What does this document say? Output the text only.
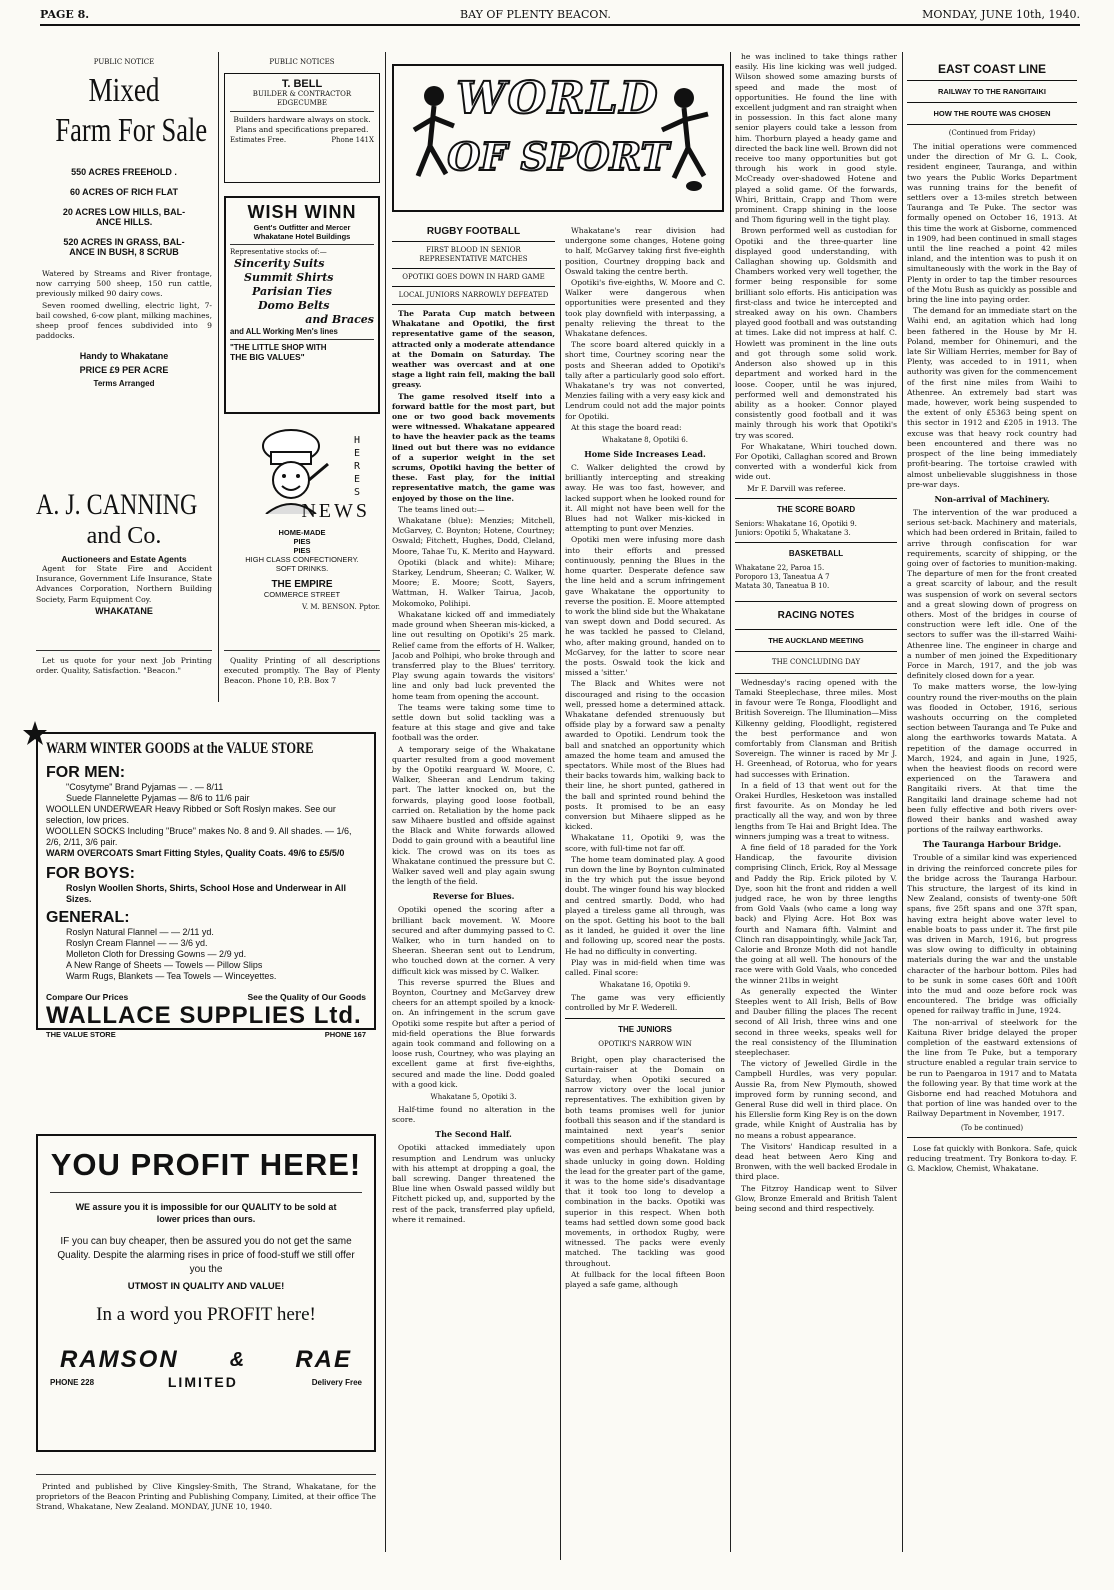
PAGE 8.	BAY OF PLENTY BEACON.	MONDAY, JUNE 10th, 1940.
PUBLIC NOTICE
Mixed
Farm For Sale
550 ACRES FREEHOLD .
60 ACRES OF RICH FLAT
20 ACRES LOW HILLS, BAL-
ANCE HILLS.
520 ACRES IN GRASS, BAL-
ANCE IN BUSH, 8 SCRUB

Watered by Streams and River frontage, now carrying 500 sheep, 150 run cattle, previously milked 90 dairy cows.

Seven roomed dwelling, electric light, 7-bail cowshed, 6-cow plant, milking machines, sheep proof fences subdivided into 9 paddocks.

Handy to Whakatane
PRICE £9 PER ACRE
Terms Arranged
A. J. CANNING
and Co.
Auctioneers and Estate Agents

Agent for State Fire and Accident Insurance, Government Life Insurance, State Advances Corporation, Northern Building Society, Farm Equipment Coy.

WHAKATANE

Let us quote for your next Job Printing order. Quality, Satisfaction. "Beacon."

PUBLIC NOTICES
T. BELL
BUILDER & CONTRACTOR
EDGECUMBE

Builders hardware always on stock. Plans and specifications prepared.

Estimates Free.	Phone 141X
WISH WINN
Gent's Outfitter and Mercer
Whakatane Hotel Buildings
Representative stocks of:—
Sincerity Suits
Summit Shirts
Parisian Ties
Domo Belts
and Braces
and ALL Working Men's lines
"THE LITTLE SHOP WITH
THE BIG VALUES"
HERES
NEWS
HOME-MADE
PIES
PIES
HIGH CLASS CONFECTIONERY.
SOFT DRINKS.
THE EMPIRE
COMMERCE STREET
V. M. BENSON. Pptor.

Quality Printing of all descriptions executed promptly. The Bay of Plenty Beacon. Phone 10, P.B. Box 7

WARM WINTER GOODS at the VALUE STORE
FOR MEN:
"Cosytyme" Brand Pyjamas — . — 8/11
Suede Flannelette Pyjamas — 8/6 to 11/6 pair
WOOLLEN UNDERWEAR Heavy Ribbed or Soft Roslyn makes. See our selection, low prices.
WOOLLEN SOCKS Including "Bruce" makes No. 8 and 9. All shades. — 1/6, 2/6, 2/11, 3/6 pair.
WARM OVERCOATS Smart Fitting Styles, Quality Coats. 49/6 to £5/5/0
FOR BOYS:
Roslyn Woollen Shorts, Shirts, School Hose and Underwear in All Sizes.
GENERAL:
Roslyn Natural Flannel — — 2/11 yd.
Roslyn Cream Flannel — — 3/6 yd.
Molleton Cloth for Dressing Gowns — 2/9 yd.
A New Range of Sheets — Towels — Pillow Slips
Warm Rugs, Blankets — Tea Towels — Winceyettes.
Compare Our Prices	See the Quality of Our Goods
WALLACE SUPPLIES Ltd.
THE VALUE STORE	PHONE 167
YOU PROFIT HERE!
WE assure you it is impossible for our QUALITY to be sold at lower prices than ours.
IF you can buy cheaper, then be assured you do not get the same Quality. Despite the alarming rises in price of food-stuff we still offer you the
UTMOST IN QUALITY AND VALUE!
In a word you PROFIT here!
RAMSON	& RAE
PHONE 228	LIMITED	Delivery Free

Printed and published by Clive Kingsley-Smith, The Strand, Whakatane, for the proprietors of the Beacon Printing and Publishing Company, Limited, at their office The Strand, Whakatane, New Zealand. MONDAY, JUNE 10, 1940.

WORLD
OF SPORT
RUGBY FOOTBALL
FIRST BLOOD IN SENIOR REPRESENTATIVE MATCHES
OPOTIKI GOES DOWN IN HARD GAME
LOCAL JUNIORS NARROWLY DEFEATED

The Parata Cup match between Whakatane and Opotiki, the first representative game of the season, attracted only a moderate attendance at the Domain on Saturday. The weather was overcast and at one stage a light rain fell, making the ball greasy.

The game resolved itself into a forward battle for the most part, but one or two good back movements were witnessed. Whakatane appeared to have the heavier pack as the teams lined out but there was no evidance of a superior weight in the set scrums, Opotiki having the better of these. Fast play, for the initial representative match, the game was enjoyed by those on the line.

The teams lined out:—

Whakatane (blue): Menzies; Mitchell, McGarvey, C. Boynton; Hotene, Courtney; Oswald; Fitchett, Hughes, Dodd, Cleland, Moore, Tahae Tu, K. Merito and Hayward.

Opotiki (black and white): Mihare; Starkey, Lendrum, Sheeran; C. Walker, W. Moore; E. Moore; Scott, Sayers, Wattman, H. Walker Tairua, Jacob, Mokomoko, Polihipi.

Whakatane kicked off and immediately made ground when Sheeran mis-kicked, a line out resulting on Opotiki's 25 mark. Relief came from the efforts of H. Walker, Jacob and Polhipi, who broke through and transferred play to the Blues' territory. Play swung again towards the visitors' line and only bad luck prevented the home team from opening the account.

The teams were taking some time to settle down but solid tackling was a feature at this stage and give and take football was the order.

A temporary seige of the Whakatane quarter resulted from a good movement by the Opotiki rearguard W. Moore, C. Walker, Sheeran and Lendrum taking part. The latter knocked on, but the forwards, playing good loose football, carried on. Retaliation by the home pack saw Mihaere bustled and offside against the Black and White forwards allowed Dodd to gain ground with a beautiful line kick. The crowd was on its toes as Whakatane continued the pressure but C. Walker saved well and play again swung the length of the field.

Reverse for Blues.

Opotiki opened the scoring after a brilliant back movement. W. Moore secured and after dummying passed to C. Walker, who in turn handed on to Sheeran. Sheeran sent out to Lendrum, who touched down at the corner. A very difficult kick was missed by C. Walker.

This reverse spurred the Blues and Boynton, Courtney and McGarvey drew cheers for an attempt spoiled by a knock-on. An infringement in the scrum gave Opotiki some respite but after a period of mid-field operations the Blue forwards again took command and following on a loose rush, Courtney, who was playing an excellent game at first five-eighths, secured and made the line. Dodd goaled with a good kick.

Whakatane 5, Opotiki 3.

Half-time found no alteration in the score.

The Second Half.

Opotiki attacked immediately upon resumption and Lendrum was unlucky with his attempt at dropping a goal, the ball screwing. Danger threatened the Blue line when Oswald passed wildly but Fitchett picked up, and, supported by the rest of the pack, transferred play upfield, where it remained.

Whakatane's rear division had undergone some changes, Hotene going to half, McGarvey taking first five-eighth position, Courtney dropping back and Oswald taking the centre berth.

Opotiki's five-eighths, W. Moore and C. Walker were dangerous when opportunities were presented and they took play downfield with interpassing, a penalty relieving the threat to the Whakatane defences.

The score board altered quickly in a short time, Courtney scoring near the posts and Sheeran added to Opotiki's tally after a particularly good solo effort. Whakatane's try was not converted, Menzies failing with a very easy kick and Lendrum could not add the major points for Opotiki.

At this stage the board read:

Whakatane 8, Opotiki 6.
Home Side Increases Lead.

C. Walker delighted the crowd by brilliantly intercepting and streaking away. He was too fast, however, and lacked support when he looked round for it. All might not have been well for the Blues had not Walker mis-kicked in attempting to punt over Menzies.

Opotiki men were infusing more dash into their efforts and pressed continuously, penning the Blues in the home quarter. Desperate defence saw the line held and a scrum infringement gave Whakatane the opportunity to reverse the position. E. Moore attempted to work the blind side but the Whakatane van swept down and Dodd secured. As he was tackled he passed to Cleland, who, after making ground, handed on to McGarvey, for the latter to score near the posts. Oswald took the kick and missed a 'sitter.'

The Black and Whites were not discouraged and rising to the occasion well, pressed home a determined attack. Whakatane defended strenuously but offside play by a forward saw a penalty awarded to Opotiki. Lendrum took the ball and snatched an opportunity which amazed the home team and amused the spectators. While most of the Blues had their backs towards him, walking back to their line, he short punted, gathered in the ball and sprinted round behind the posts. It promised to be an easy conversion but Mihaere slipped as he kicked.

Whakatane 11, Opotiki 9, was the score, with full-time not far off.

The home team dominated play. A good run down the line by Boynton culminated in the try which put the issue beyond doubt. The winger found his way blocked and centred smartly. Dodd, who had played a tireless game all through, was on the spot. Getting his boot to the ball as it landed, he guided it over the line and following up, scored near the posts. He had no difficulty in converting.

Play was in mid-field when time was called. Final score:

Whakatane 16, Opotiki 9.

The game was very efficiently controlled by Mr F. Wederell.

THE JUNIORS
OPOTIKI'S NARROW WIN

Bright, open play characterised the curtain-raiser at the Domain on Saturday, when Opotiki secured a narrow victory over the local junior representatives. The exhibition given by both teams promises well for junior football this season and if the standard is maintained next year's senior competitions should benefit. The play was even and perhaps Whakatane was a shade unlucky in going down. Holding the lead for the greater part of the game, it was to the home side's disadvantage that it took too long to develop a combination in the backs. Opotiki was superior in this respect. When both teams had settled down some good back movements, in orthodox Rugby, were witnessed. The packs were evenly matched. The tackling was good throughout.

At fullback for the local fifteen Boon played a safe game, although

he was inclined to take things rather easily. His line kicking was well judged. Wilson showed some amazing bursts of speed and made the most of opportunities. He found the line with excellent judgment and ran straight when in possession. In this fact alone many senior players could take a lesson from him. Thorburn played a heady game and directed the back line well. Brown did not receive too many opportunities but got through his work in good style. McCready over-shadowed Hotene and played a solid game. Of the forwards, Whiri, Brittain, Crapp and Thom were prominent. Crapp shining in the loose and Thom figuring well in the tight play.

Brown performed well as custodian for Opotiki and the three-quarter line displayed good understanding, with Callaghan showing up. Goldsmith and Chambers worked very well together, the former being responsible for some brilliant solo efforts. His anticipation was first-class and twice he intercepted and streaked away on his own. Chambers played good football and was outstanding at times. Lake did not impress at half. C. Howlett was prominent in the line outs and got through some solid work. Anderson also showed up in this department and worked hard in the loose. Cooper, until he was injured, performed well and demonstrated his ability as a hooker. Connor played consistently good football and it was mainly through his work that Opotiki's try was scored.

For Whakatane, Whiri touched down. For Opotiki, Callaghan scored and Brown converted with a wonderful kick from wide out.

Mr F. Darvill was referee.

THE SCORE BOARD
Seniors: Whakatane 16, Opotiki 9.
Juniors: Opotiki 5, Whakatane 3.
BASKETBALL
Whakatane 22, Paroa 15.
Poroporo 13, Taneatua A 7
Matata 30, Taneatua B 10.
RACING NOTES
THE AUCKLAND MEETING
THE CONCLUDING DAY

Wednesday's racing opened with the Tamaki Steeplechase, three miles. Most in favour were Te Ronga, Floodlight and British Sovereign. The Illumination—Miss Kilkenny gelding, Floodlight, registered the best performance and won comfortably from Clansman and British Sovereign. The winner is raced by Mr J. H. Greenhead, of Rotorua, who for years had successes with Erination.

In a field of 13 that went out for the Orakei Hurdles, Hesketoon was installed first favourite. As on Monday he led practically all the way, and won by three lengths from Te Hai and Bright Idea. The winners jumping was a treat to witness.

A fine field of 18 paraded for the York Handicap, the favourite division comprising Clinch, Erick, Roy al Message and Paddy the Rip. Erick piloted by V. Dye, soon hit the front and ridden a well judged race, he won by three lengths from Gold Vaals (who came a long way back) and Flying Acre. Hot Box was fourth and Namara fifth. Valmint and Clinch ran disappointingly, while Jack Tar, Calorie and Bronze Moth did not handle the going at all well. The honours of the race were with Gold Vaals, who conceded the winner 21lbs in weight

As generally expected the Winter Steeples went to All Irish, Bells of Bow and Dauber filling the places The recent second of All Irish, three wins and one second in three weeks, speaks well for the real consistency of the Illumination steeplechaser.

The victory of Jewelled Girdle in the Campbell Hurdles, was very popular. Aussie Ra, from New Plymouth, showed improved form by running second, and General Ruse did well in third place. On his Ellerslie form King Rey is on the down grade, while Knight of Australia has by no means a robust appearance.

The Visitors' Handicap resulted in a dead heat between Aero King and Bronwen, with the well backed Erodale in third place.

The Fitzroy Handicap went to Silver Glow, Bronze Emerald and British Talent being second and third respectively.

EAST COAST LINE
RAILWAY TO THE RANGITAIKI
HOW THE ROUTE WAS CHOSEN
(Continued from Friday)

The initial operations were commenced under the direction of Mr G. L. Cook, resident engineer, Tauranga, and within two years the Public Works Department was running trains for the benefit of settlers over a 13-miles stretch between Tauranga and Te Puke. The sector was formally opened on October 16, 1913. At this time the work at Gisborne, commenced in 1909, had been continued in small stages until the line reached a point 42 miles inland, and the intention was to push it on simultaneously with the work in the Bay of Plenty in order to tap the timber resources of the Motu Bush as quickly as possible and bring the line into paying order.

The demand for an immediate start on the Waihi end, an agitation which had long been fathered in the House by Mr H. Poland, member for Ohinemuri, and the late Sir William Herries, member for Bay of Plenty, was acceded to in 1911, when authority was given for the commencement of the first nine miles from Waihi to Athenree. An extremely bad start was made, however, work being suspended to the extent of only £5363 being spent on this sector in 1912 and £205 in 1913. The excuse was that heavy rock country had been encountered and there was no prospect of the line being immediately profit-bearing. The tortoise crawled with almost unbelievable sluggishness in those pre-war days.

Non-arrival of Machinery.

The intervention of the war produced a serious set-back. Machinery and materials, which had been ordered in Britain, failed to arrive through confiscation for war requirements, scarcity of shipping, or the going over of factories to munition-making. The departure of men for the front created a great scarcity of labour, and the result was suspension of work on several sectors and a great slowing down of progress on others. Most of the bridges in course of construction were left idle. One of the sectors to suffer was the ill-starred Waihi-Athenree line. The engineer in charge and a number of men joined the Expeditionary Force in March, 1917, and the job was definitely closed down for a year.

To make matters worse, the low-lying country round the river-mouths on the plain was flooded in October, 1916, serious washouts occurring on the completed section between Tauranga and Te Puke and along the earthworks towards Matata. A repetition of the damage occurred in March, 1924, and again in June, 1925, when the heaviest floods on record were experienced on the Tarawera and Rangitaiki rivers. At that time the Rangitaiki land drainage scheme had not been fully effective and both rivers over-flowed their banks and washed away portions of the railway earthworks.

The Tauranga Harbour Bridge.

Trouble of a similar kind was experienced in driving the reinforced concrete piles for the bridge across the Tauranga Harbour. This structure, the largest of its kind in New Zealand, consists of twenty-one 50ft spans, five 25ft spans and one 37ft span, having extra height above water level to enable boats to pass under it. The first pile was driven in March, 1916, but progress was slow owing to difficulty in obtaining materials during the war and the unstable character of the harbour bottom. Piles had to be sunk in some cases 60ft and 100ft into the mud and ooze before rock was encountered. The bridge was officially opened for railway traffic in June, 1924.

The non-arrival of steelwork for the Kaituna River bridge delayed the proper completion of the eastward extensions of the line from Te Puke, but a temporary structure enabled a regular train service to be run to Paengaroa in 1917 and to Matata the following year. By that time work at the Gisborne end had reached Motuhora and that portion of line was handed over to the Railway Department in November, 1917.

(To be continued)

Lose fat quickly with Bonkora. Safe, quick reducing treatment. Try Bonkora to-day. F. G. Macklow, Chemist, Whakatane.
